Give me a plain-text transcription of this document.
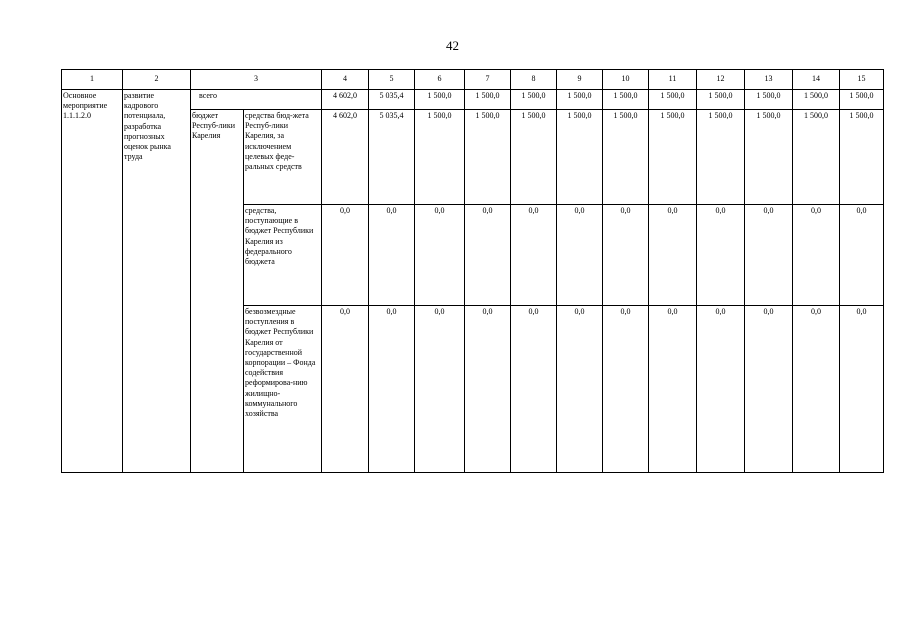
42
1	2	3		4	5	6	7	8	9	10	11	12	13	14	15
Основное мероприятие 1.1.1.2.0	развитие кадрового потенциала, разработка прогнозных оценок рынка труда	всего		4 602,0	5 035,4	1 500,0	1 500,0	1 500,0	1 500,0	1 500,0	1 500,0	1 500,0	1 500,0	1 500,0	1 500,0
		бюджет Респуб-лики Карелия	средства бюд-жета Респуб-лики Карелия, за исключением целевых феде-ральных средств	4 602,0	5 035,4	1 500,0	1 500,0	1 500,0	1 500,0	1 500,0	1 500,0	1 500,0	1 500,0	1 500,0	1 500,0
			средства, поступающие в бюджет Республики Карелия из федерального бюджета	0,0	0,0	0,0	0,0	0,0	0,0	0,0	0,0	0,0	0,0	0,0	0,0
			безвозмездные поступления в бюджет Республики Карелия от государственной корпорации – Фонда содействия реформирова-нию жилищно-коммунального хозяйства	0,0	0,0	0,0	0,0	0,0	0,0	0,0	0,0	0,0	0,0	0,0	0,0
